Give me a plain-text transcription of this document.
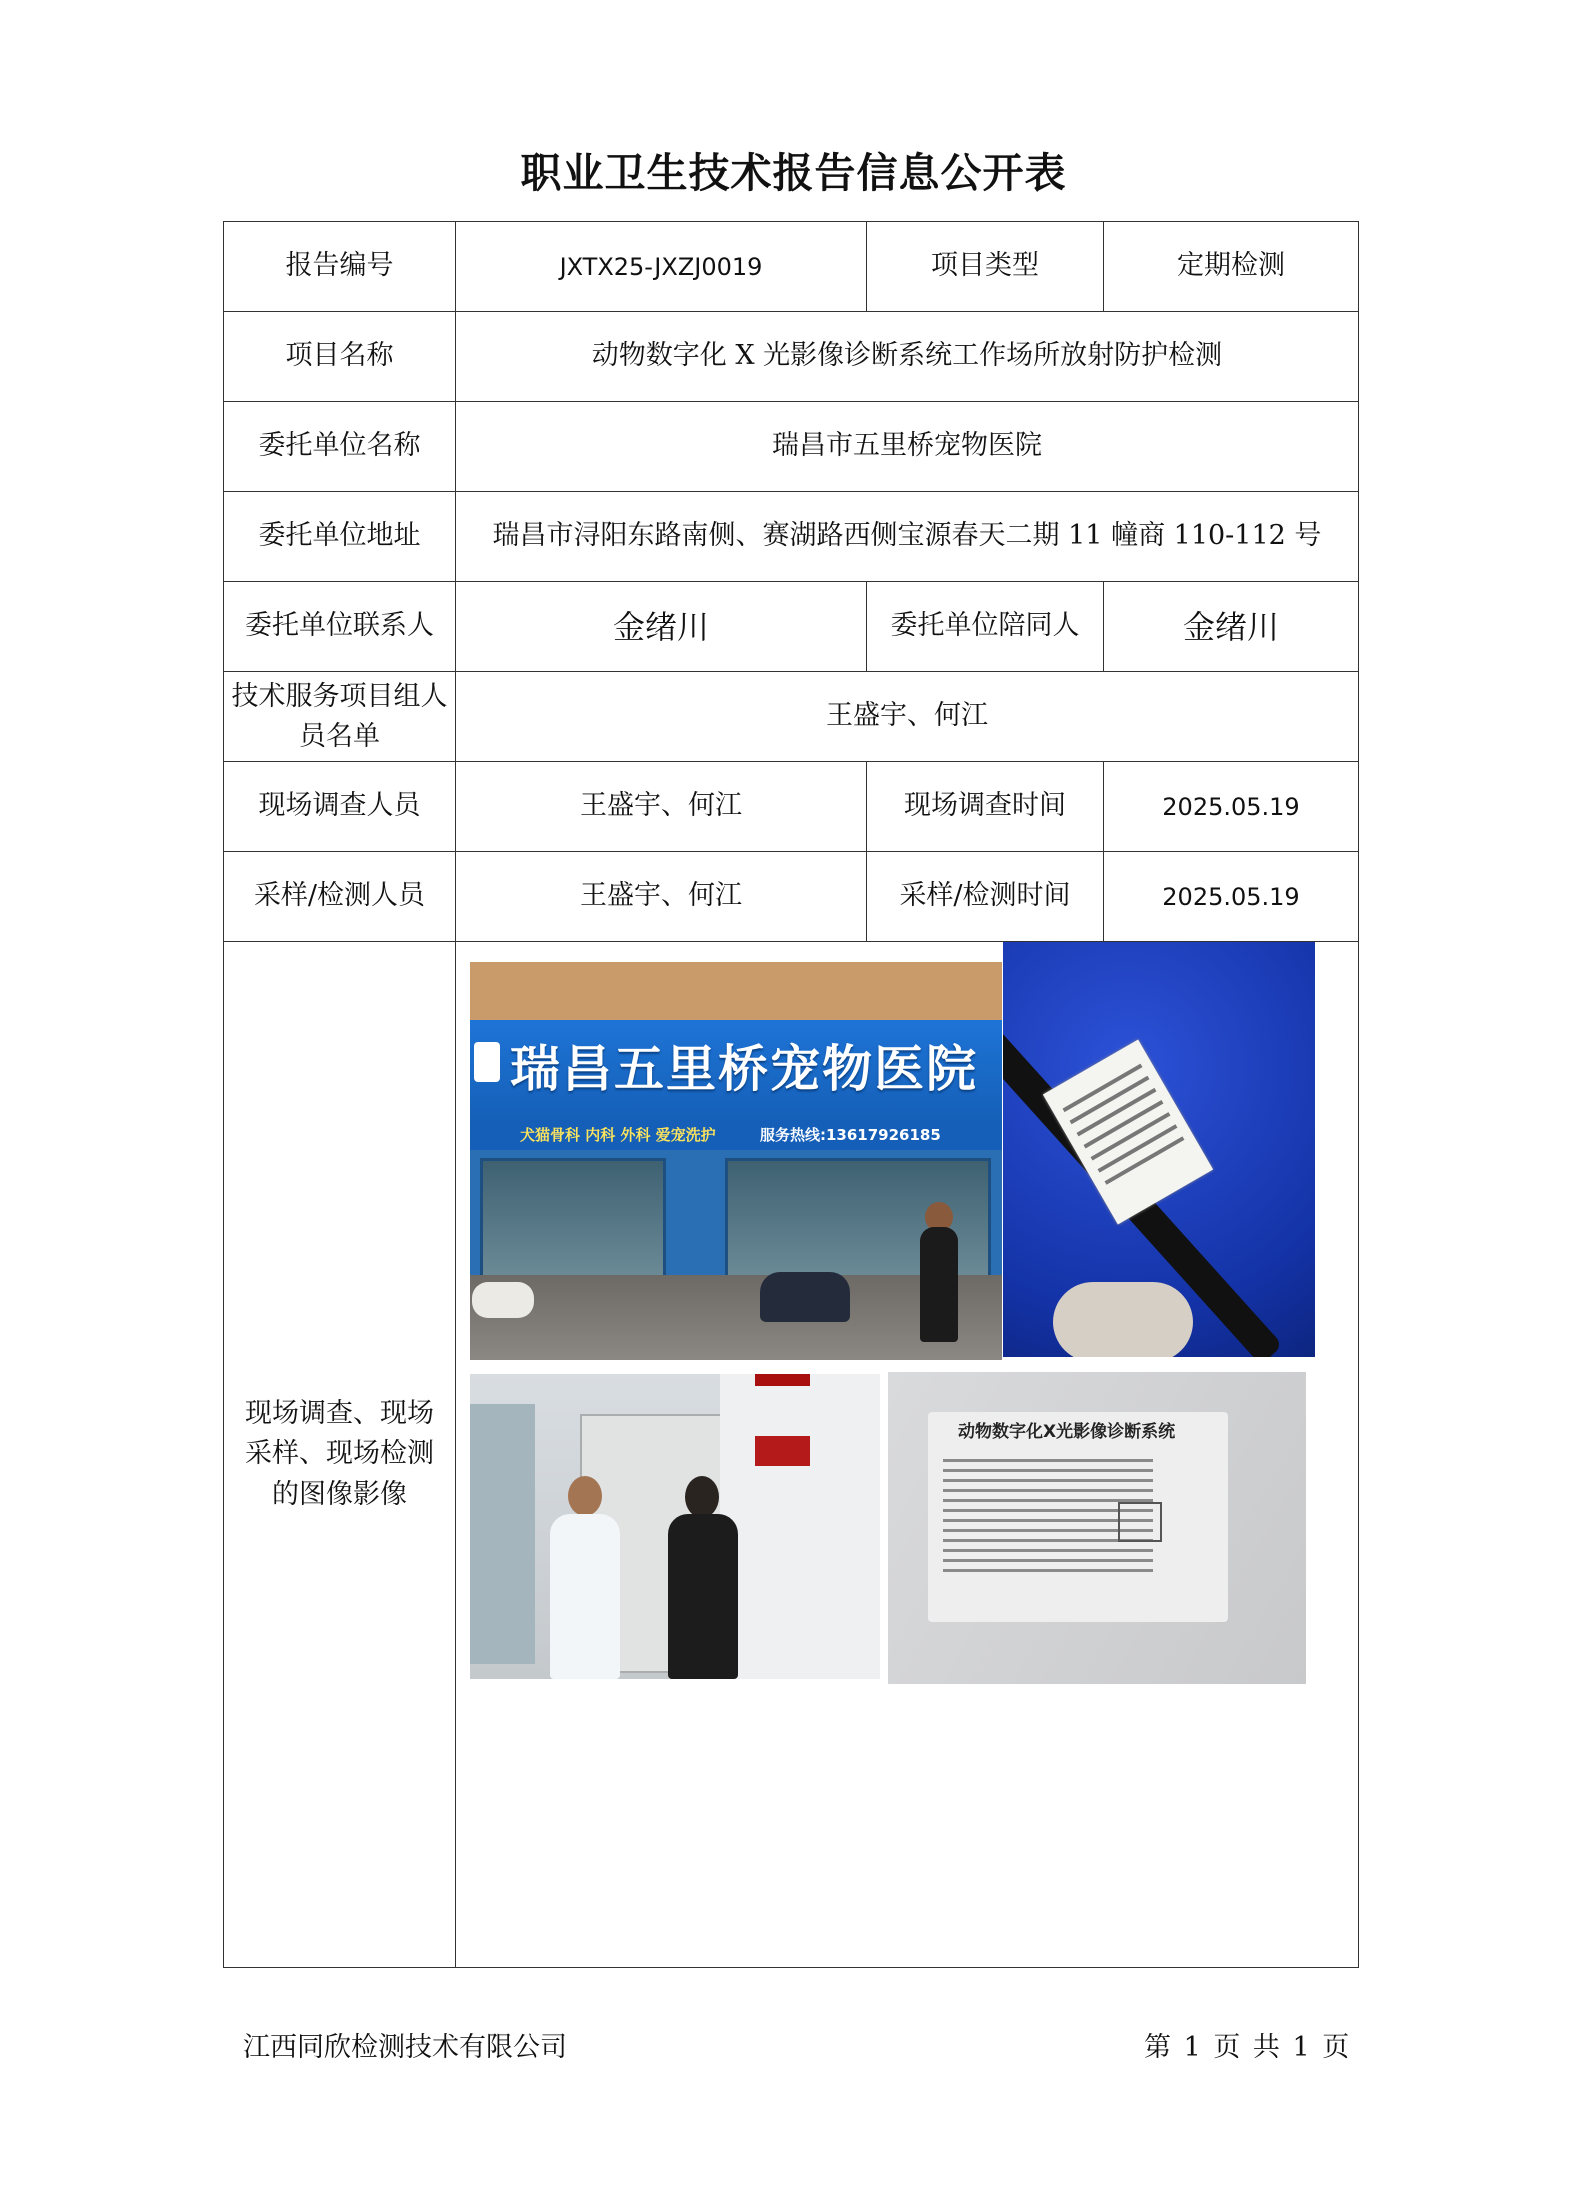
职业卫生技术报告信息公开表
报告编号	JXTX25-JXZJ0019	项目类型	定期检测
项目名称	动物数字化 X 光影像诊断系统工作场所放射防护检测		
委托单位名称	瑞昌市五里桥宠物医院		
委托单位地址	瑞昌市浔阳东路南侧、赛湖路西侧宝源春天二期 11 幢商 110-112 号		
委托单位联系人	金绪川	委托单位陪同人	金绪川
技术服务项目组人员名单	王盛宇、何江		
现场调查人员	王盛宇、何江	现场调查时间	2025.05.19
采样/检测人员	王盛宇、何江	采样/检测时间	2025.05.19
现场调查、现场采样、现场检测的图像影像	瑞昌五里桥宠物医院
犬猫骨科 内科 外科 爱宠洗护 服务热线:13617926185
动物数字化X光影像诊断系统		
江西同欣检测技术有限公司	第 1 页 共 1 页
